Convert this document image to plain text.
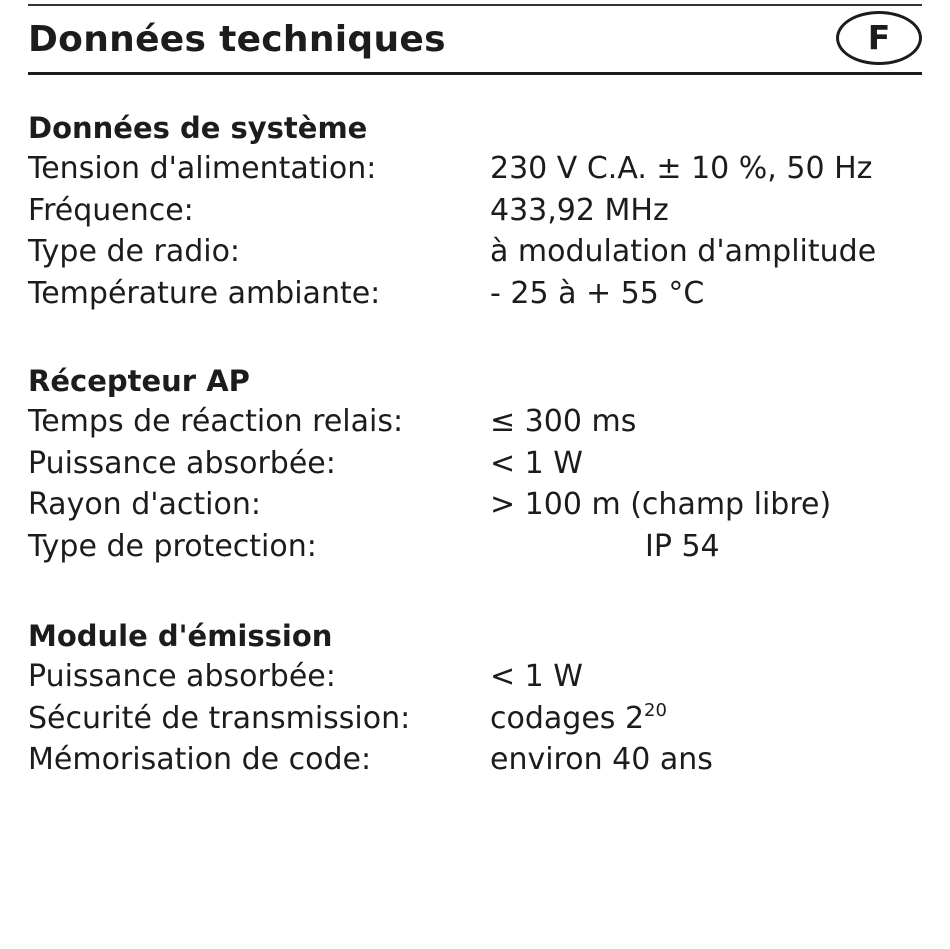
Données techniques	F
Données de système
Tension d'alimentation:	230 V C.A. ± 10 %, 50 Hz
Fréquence:	433,92 MHz
Type de radio:	à modulation d'amplitude
Température ambiante:	- 25 à + 55 °C
Récepteur AP
Temps de réaction relais:	≤ 300 ms
Puissance absorbée:	< 1 W
Rayon d'action:	> 100 m (champ libre)
Type de protection:	IP 54
Module d'émission
Puissance absorbée:	< 1 W
Sécurité de transmission:	codages $2^{20}$
Mémorisation de code:	environ 40 ans
